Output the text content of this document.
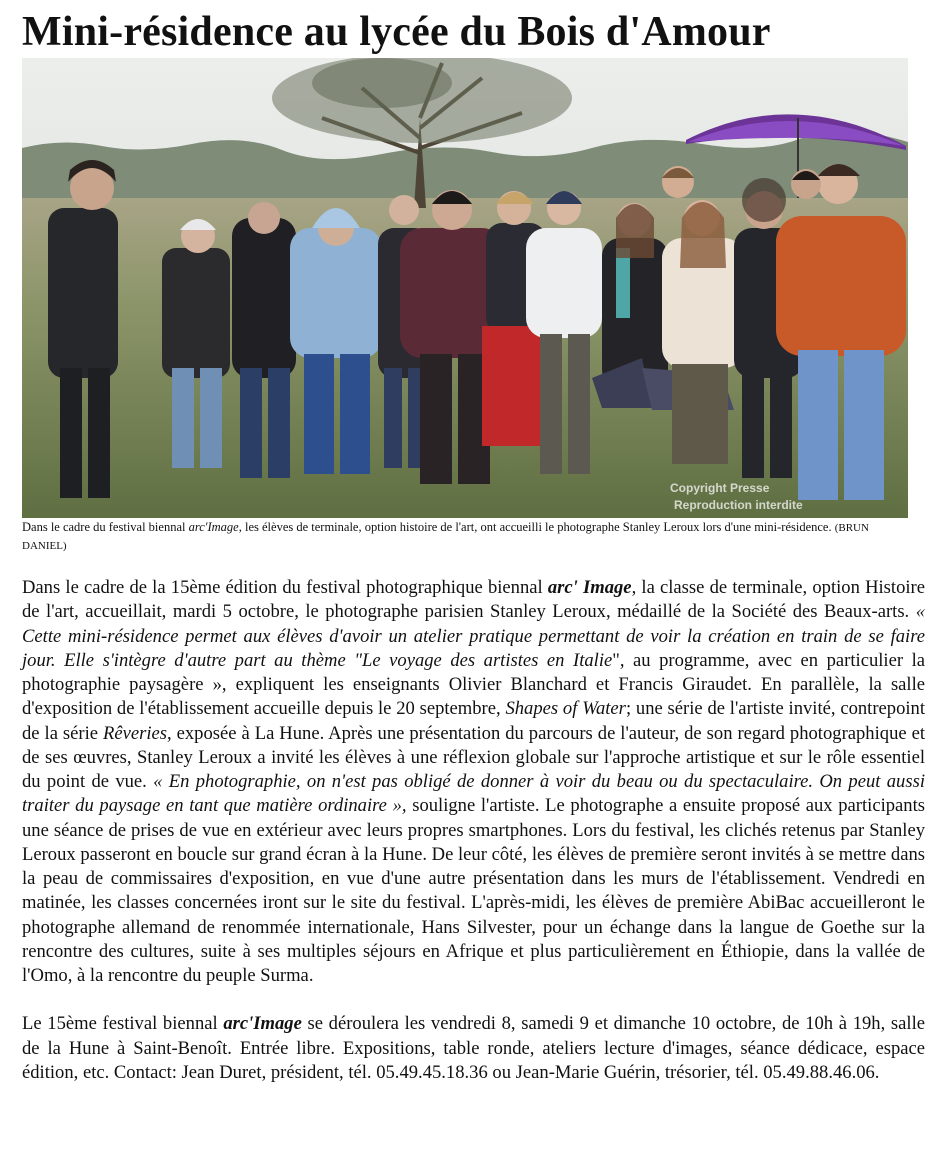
Mini-résidence au lycée du Bois d'Amour
Copyright Presse
Reproduction interdite

Dans le cadre du festival biennal arc'Image, les élèves de terminale, option histoire de l'art, ont accueilli le photographe Stanley Leroux lors d'une mini-résidence. (BRUN DANIEL)

Dans le cadre de la 15ème édition du festival photographique biennal arc' Image, la classe de terminale, option Histoire de l'art, accueillait, mardi 5 octobre, le photographe parisien Stanley Leroux, médaillé de la Société des Beaux-arts. « Cette mini-résidence permet aux élèves d'avoir un atelier pratique permettant de voir la création en train de se faire jour. Elle s'intègre d'autre part au thème "Le voyage des artistes en Italie", au programme, avec en particulier la photographie paysagère », expliquent les enseignants Olivier Blanchard et Francis Giraudet. En parallèle, la salle d'exposition de l'établissement accueille depuis le 20 septembre, Shapes of Water; une série de l'artiste invité, contrepoint de la série Rêveries, exposée à La Hune. Après une présentation du parcours de l'auteur, de son regard photographique et de ses œuvres, Stanley Leroux a invité les élèves à une réflexion globale sur l'approche artistique et sur le rôle essentiel du point de vue. « En photographie, on n'est pas obligé de donner à voir du beau ou du spectaculaire. On peut aussi traiter du paysage en tant que matière ordinaire », souligne l'artiste. Le photographe a ensuite proposé aux participants une séance de prises de vue en extérieur avec leurs propres smartphones. Lors du festival, les clichés retenus par Stanley Leroux passeront en boucle sur grand écran à la Hune. De leur côté, les élèves de première seront invités à se mettre dans la peau de commissaires d'exposition, en vue d'une autre présentation dans les murs de l'établissement. Vendredi en matinée, les classes concernées iront sur le site du festival. L'après-midi, les élèves de première AbiBac accueilleront le photographe allemand de renommée internationale, Hans Silvester, pour un échange dans la langue de Goethe sur la rencontre des cultures, suite à ses multiples séjours en Afrique et plus particulièrement en Éthiopie, dans la vallée de l'Omo, à la rencontre du peuple Surma.

Le 15ème festival biennal arc'Image se déroulera les vendredi 8, samedi 9 et dimanche 10 octobre, de 10h à 19h, salle de la Hune à Saint-Benoît. Entrée libre. Expositions, table ronde, ateliers lecture d'images, séance dédicace, espace édition, etc. Contact: Jean Duret, président, tél. 05.49.45.18.36 ou Jean-Marie Guérin, trésorier, tél. 05.49.88.46.06.
